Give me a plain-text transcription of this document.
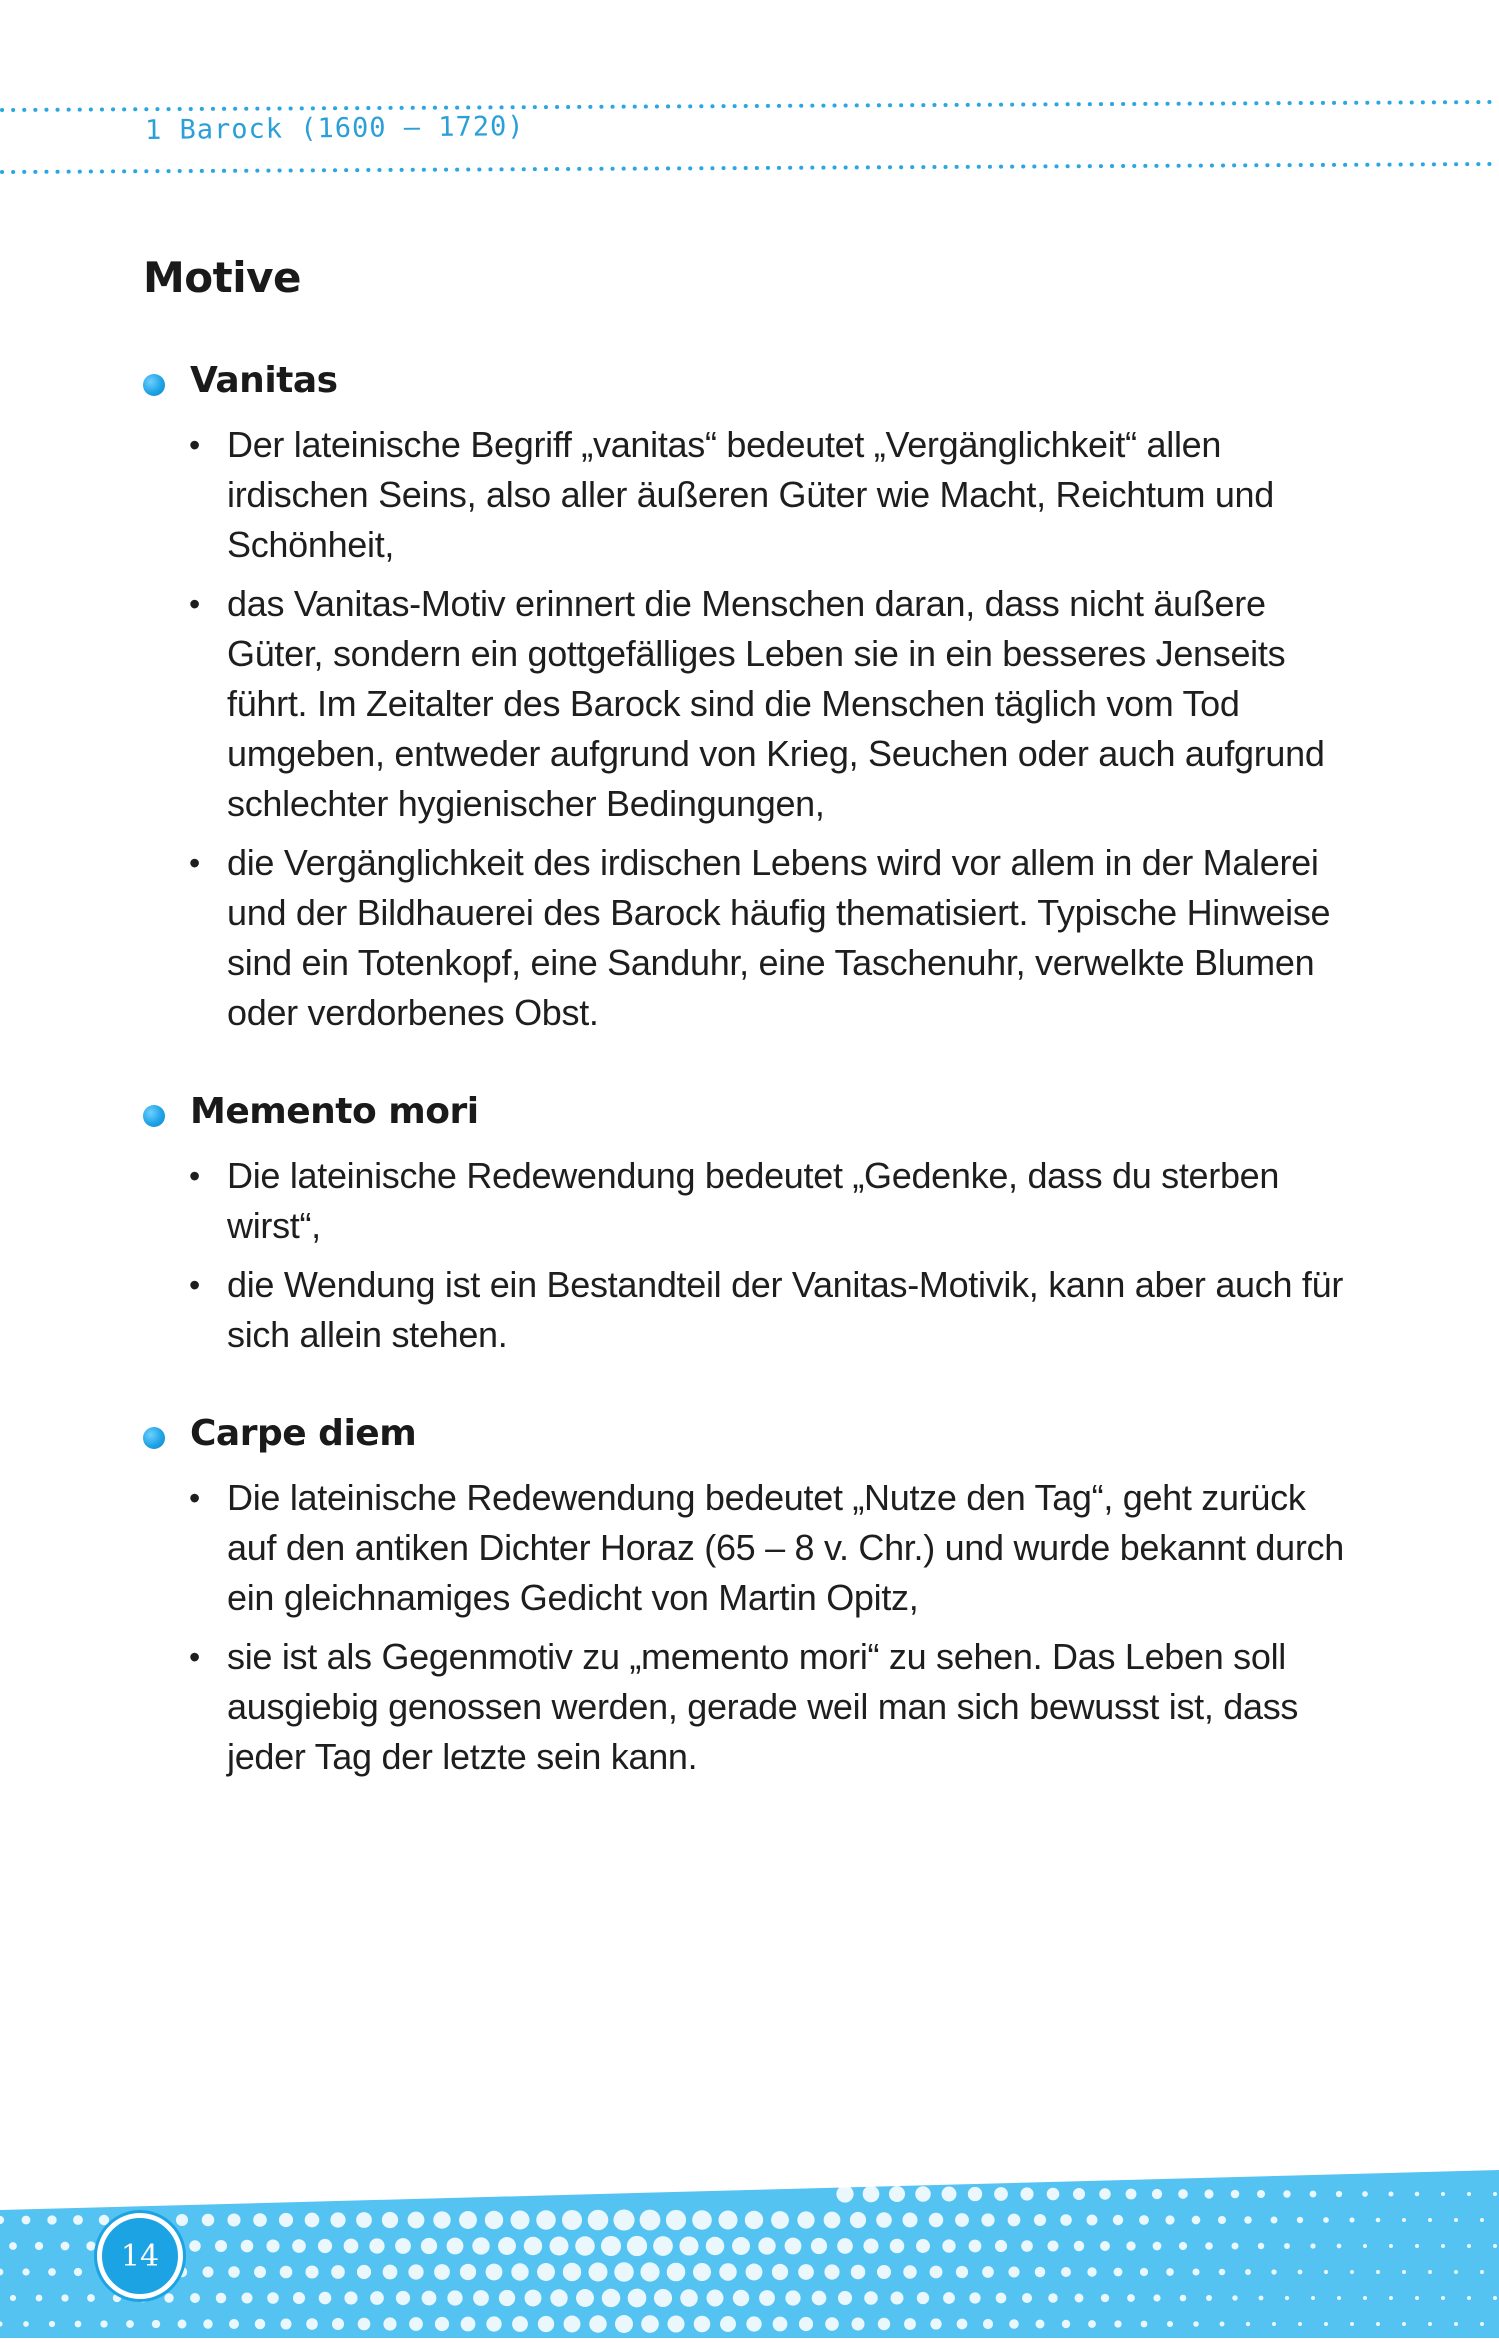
1 Barock (1600 – 1720)
Motive
Vanitas
• Der lateinische Begriff „vanitas“ bedeutet „Vergänglichkeit“ allen irdischen Seins, also aller äußeren Güter wie Macht, Reichtum und Schönheit,
• das Vanitas-Motiv erinnert die Menschen daran, dass nicht äußere Güter, sondern ein gottgefälliges Leben sie in ein besseres Jenseits führt. Im Zeitalter des Barock sind die Menschen täglich vom Tod umgeben, entweder aufgrund von Krieg, Seuchen oder auch aufgrund schlechter hygienischer Bedingungen,
• die Vergänglichkeit des irdischen Lebens wird vor allem in der Malerei und der Bildhauerei des Barock häufig thematisiert. Typische Hinweise sind ein Totenkopf, eine Sanduhr, eine Taschenuhr, verwelkte Blumen oder verdorbenes Obst.
Memento mori
• Die lateinische Redewendung bedeutet „Gedenke, dass du sterben wirst“,
• die Wendung ist ein Bestandteil der Vanitas-Motivik, kann aber auch für sich allein stehen.
Carpe diem
• Die lateinische Redewendung bedeutet „Nutze den Tag“, geht zurück auf den antiken Dichter Horaz (65 – 8 v. Chr.) und wurde bekannt durch ein gleichnamiges Gedicht von Martin Opitz,
• sie ist als Gegenmotiv zu „memento mori“ zu sehen. Das Leben soll ausgiebig genossen werden, gerade weil man sich bewusst ist, dass jeder Tag der letzte sein kann.
14
